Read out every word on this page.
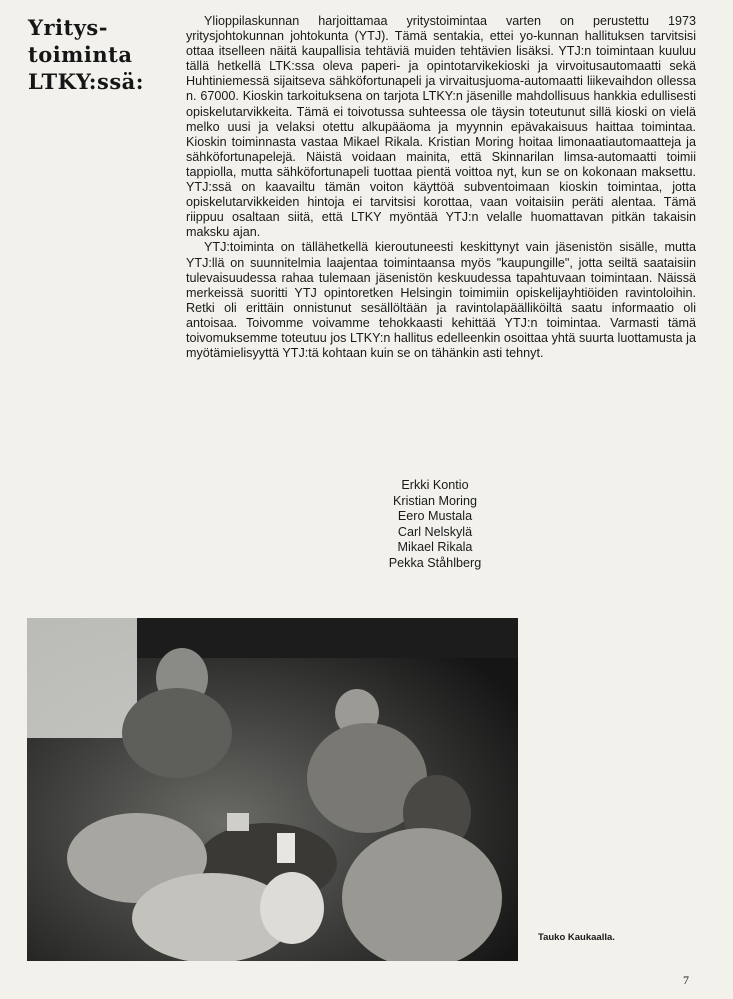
Yritys-
toiminta
LTKY:ssä:

Ylioppilaskunnan harjoittamaa yritystoimintaa varten on perustettu 1973 yritysjohtokunnan johtokunta (YTJ). Tämä sentakia, ettei yo-kunnan hallituksen tarvitsisi ottaa itselleen näitä kaupallisia tehtäviä muiden tehtävien lisäksi. YTJ:n toimintaan kuuluu tällä hetkellä LTK:ssa oleva paperi- ja opintotarvikekioski ja virvoitusautomaatti sekä Huhtiniemessä sijaitseva sähköfortunapeli ja virvaitusjuoma-automaatti liikevaihdon ollessa n. 67000. Kioskin tarkoituksena on tarjota LTKY:n jäsenille mahdollisuus hankkia edullisesti opiskelutarvikkeita. Tämä ei toivotussa suhteessa ole täysin toteutunut sillä kioski on vielä melko uusi ja velaksi otettu alkupääoma ja myynnin epävakaisuus haittaa toimintaa. Kioskin toiminnasta vastaa Mikael Rikala. Kristian Moring hoitaa limonaatiautomaatteja ja sähköfortunapelejä. Näistä voidaan mainita, että Skinnarilan limsa-automaatti toimii tappiolla, mutta sähköfortunapeli tuottaa pientä voittoa nyt, kun se on kokonaan maksettu. YTJ:ssä on kaavailtu tämän voiton käyttöä subventoimaan kioskin toimintaa, jotta opiskelutarvikkeiden hintoja ei tarvitsisi korottaa, vaan voitaisiin peräti alentaa. Tämä riippuu osaltaan siitä, että LTKY myöntää YTJ:n velalle huomattavan pitkän takaisin maksku ajan.

YTJ:toiminta on tällähetkellä kieroutuneesti keskittynyt vain jäsenistön sisälle, mutta YTJ:llä on suunnitelmia laajentaa toimintaansa myös "kaupungille", jotta seiltä saataisiin tulevaisuudessa rahaa tulemaan jäsenistön keskuudessa tapahtuvaan toimintaan. Näissä merkeissä suoritti YTJ opintoretken Helsingin toimimiin opiskelijayhtiöiden ravintoloihin. Retki oli erittäin onnistunut sesällöltään ja ravintolapäälliköiltä saatu informaatio oli antoisaa. Toivomme voivamme tehokkaasti kehittää YTJ:n toimintaa. Varmasti tämä toivomuksemme toteutuu jos LTKY:n hallitus edelleenkin osoittaa yhtä suurta luottamusta ja myötämielisyyttä YTJ:tä kohtaan kuin se on tähänkin asti tehnyt.

Erkki Kontio
Kristian Moring
Eero Mustala
Carl Nelskylä
Mikael Rikala
Pekka Ståhlberg
Tauko Kaukaalla.
7
